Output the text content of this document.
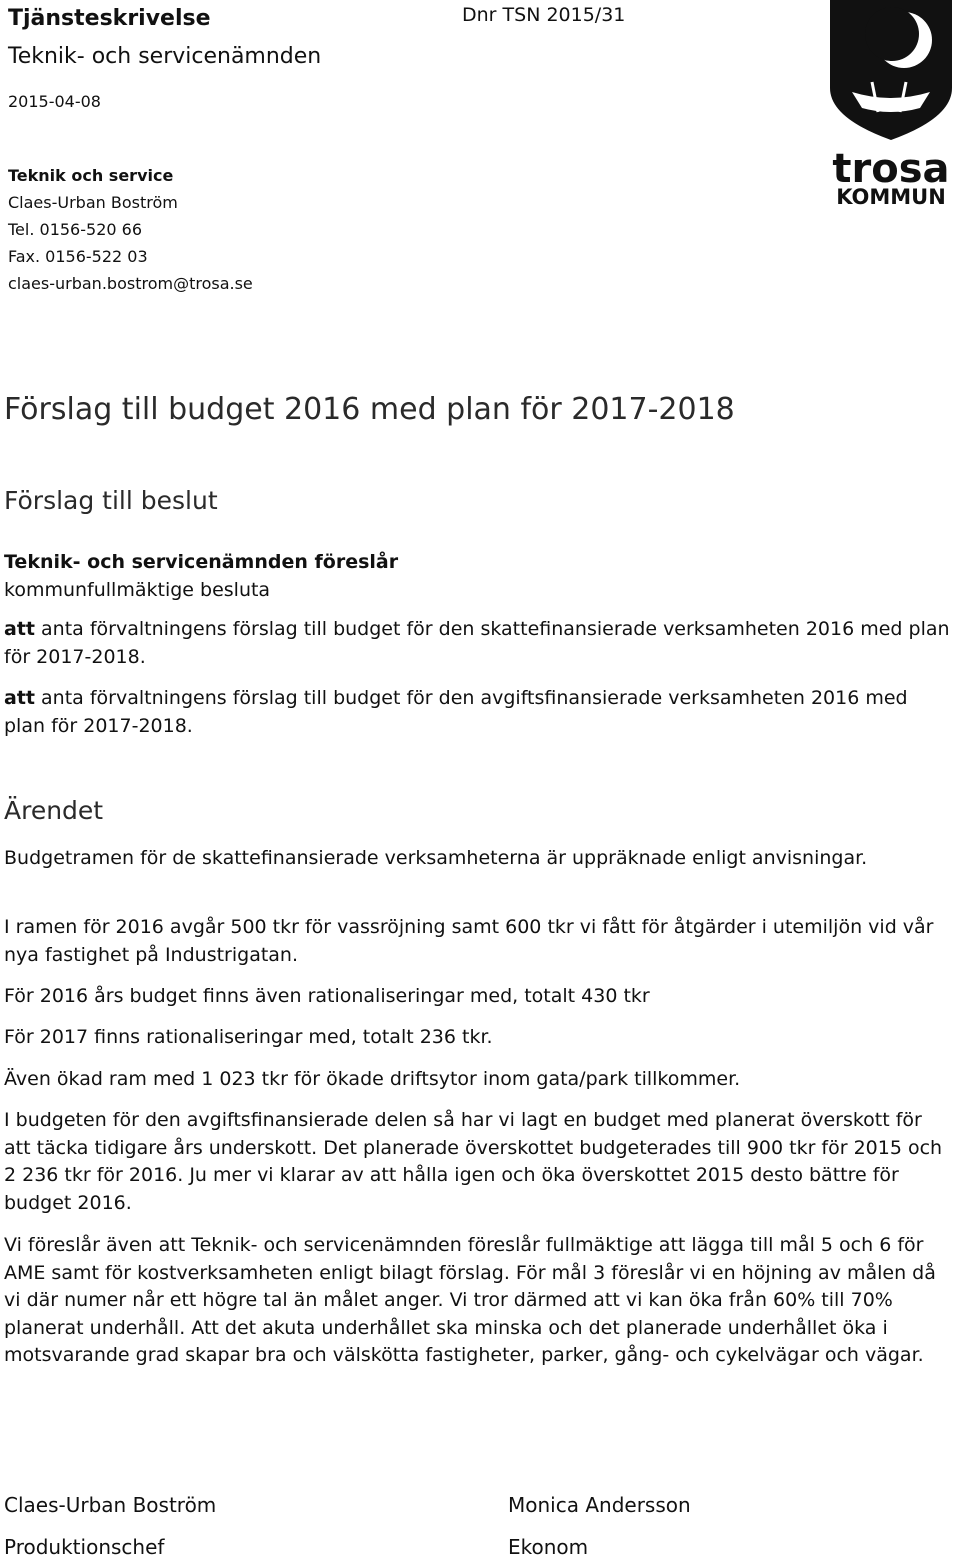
Tjänsteskrivelse
Teknik- och servicenämnden
2015-04-08
Dnr TSN 2015/31
Teknik och service
Claes-Urban Boström
Tel. 0156-520 66
Fax. 0156-522 03
claes-urban.bostrom@trosa.se
trosa
KOMMUN
Förslag till budget 2016 med plan för 2017-2018
Förslag till beslut
Teknik- och servicenämnden föreslår
kommunfullmäktige besluta
att anta förvaltningens förslag till budget för den skattefinansierade verksamheten 2016 med plan för 2017-2018.
att anta förvaltningens förslag till budget för den avgiftsfinansierade verksamheten 2016 med plan för 2017-2018.
Ärendet
Budgetramen för de skattefinansierade verksamheterna är uppräknade enligt anvisningar.
I ramen för 2016 avgår 500 tkr för vassröjning samt 600 tkr vi fått för åtgärder i utemiljön vid vår nya fastighet på Industrigatan.
För 2016 års budget finns även rationaliseringar med, totalt 430 tkr
För 2017 finns rationaliseringar med, totalt 236 tkr.
Även ökad ram med 1 023 tkr för ökade driftsytor inom gata/park tillkommer.
I budgeten för den avgiftsfinansierade delen så har vi lagt en budget med planerat överskott för att täcka tidigare års underskott. Det planerade överskottet budgeterades till 900 tkr för 2015 och 2 236 tkr för 2016. Ju mer vi klarar av att hålla igen och öka överskottet 2015 desto bättre för budget 2016.
Vi föreslår även att Teknik- och servicenämnden föreslår fullmäktige att lägga till mål 5 och 6 för AME samt för kostverksamheten enligt bilagt förslag. För mål 3 föreslår vi en höjning av målen då vi där numer når ett högre tal än målet anger. Vi tror därmed att vi kan öka från 60% till 70% planerat underhåll. Att det akuta underhållet ska minska och det planerade underhållet öka i motsvarande grad skapar bra och välskötta fastigheter, parker, gång- och cykelvägar och vägar.
Claes-Urban Boström
Produktionschef
Monica Andersson
Ekonom
